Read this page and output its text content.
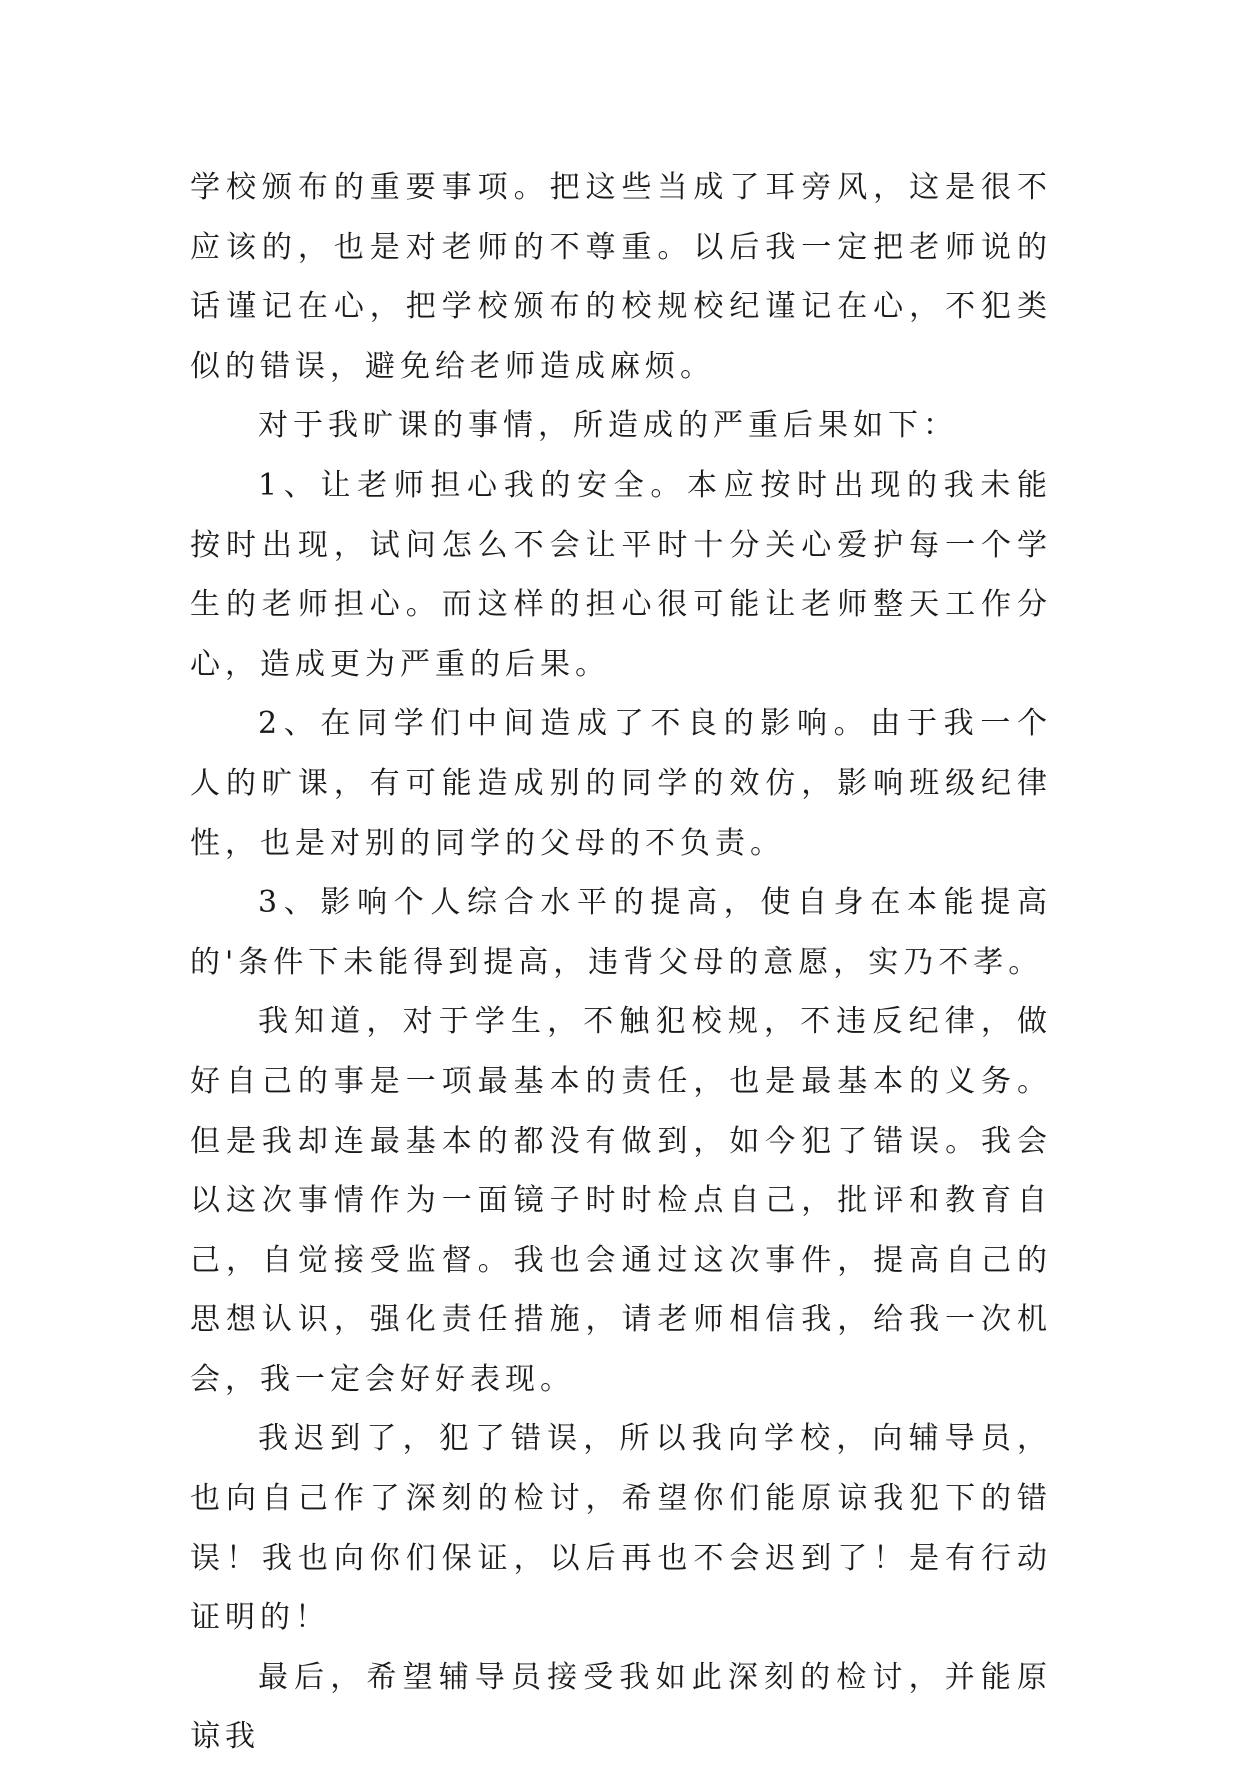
学校颁布的重要事项。把这些当成了耳旁风，这是很不应该的，也是对老师的不尊重。以后我一定把老师说的话谨记在心，把学校颁布的校规校纪谨记在心，不犯类似的错误，避免给老师造成麻烦。

对于我旷课的事情，所造成的严重后果如下：

1、让老师担心我的安全。本应按时出现的我未能按时出现，试问怎么不会让平时十分关心爱护每一个学生的老师担心。而这样的担心很可能让老师整天工作分心，造成更为严重的后果。

2、在同学们中间造成了不良的影响。由于我一个人的旷课，有可能造成别的同学的效仿，影响班级纪律性，也是对别的同学的父母的不负责。

3、影响个人综合水平的提高，使自身在本能提高的'条件下未能得到提高，违背父母的意愿，实乃不孝。

我知道，对于学生，不触犯校规，不违反纪律，做好自己的事是一项最基本的责任，也是最基本的义务。但是我却连最基本的都没有做到，如今犯了错误。我会以这次事情作为一面镜子时时检点自己，批评和教育自己，自觉接受监督。我也会通过这次事件，提高自己的思想认识，强化责任措施，请老师相信我，给我一次机会，我一定会好好表现。

我迟到了，犯了错误，所以我向学校，向辅导员，也向自己作了深刻的检讨，希望你们能原谅我犯下的错误！我也向你们保证，以后再也不会迟到了！是有行动证明的！

最后，希望辅导员接受我如此深刻的检讨，并能原谅我
